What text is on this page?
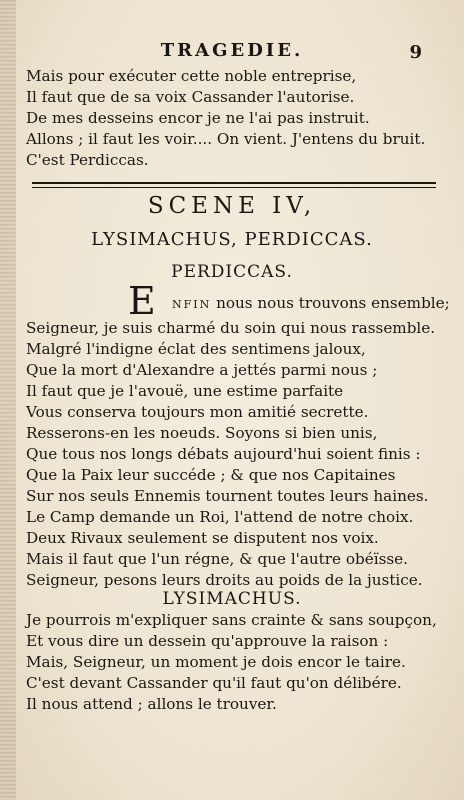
TRAGEDIE.	9
Mais pour exécuter cette noble entreprise,
Il faut que de sa voix Cassander l'autorise.
De mes desseins encor je ne l'ai pas instruit.
Allons ; il faut les voir.... On vient. J'entens du bruit.
C'est Perdiccas.
SCENE IV,
LYSIMACHUS, PERDICCAS.
PERDICCAS.
E NFIN nous nous trouvons ensemble;
Seigneur, je suis charmé du soin qui nous rassemble.
Malgré l'indigne éclat des sentimens jaloux,
Que la mort d'Alexandre a jettés parmi nous ;
Il faut que je l'avouë, une estime parfaite
Vous conserva toujours mon amitié secrette.
Resserons-en les noeuds. Soyons si bien unis,
Que tous nos longs débats aujourd'hui soient finis :
Que la Paix leur succéde ; & que nos Capitaines
Sur nos seuls Ennemis tournent toutes leurs haines.
Le Camp demande un Roi, l'attend de notre choix.
Deux Rivaux seulement se disputent nos voix.
Mais il faut que l'un régne, & que l'autre obéïsse.
Seigneur, pesons leurs droits au poids de la justice.
LYSIMACHUS.
Je pourrois m'expliquer sans crainte & sans soupçon,
Et vous dire un dessein qu'approuve la raison :
Mais, Seigneur, un moment je dois encor le taire.
C'est devant Cassander qu'il faut qu'on délibére.
Il nous attend ; allons le trouver.
